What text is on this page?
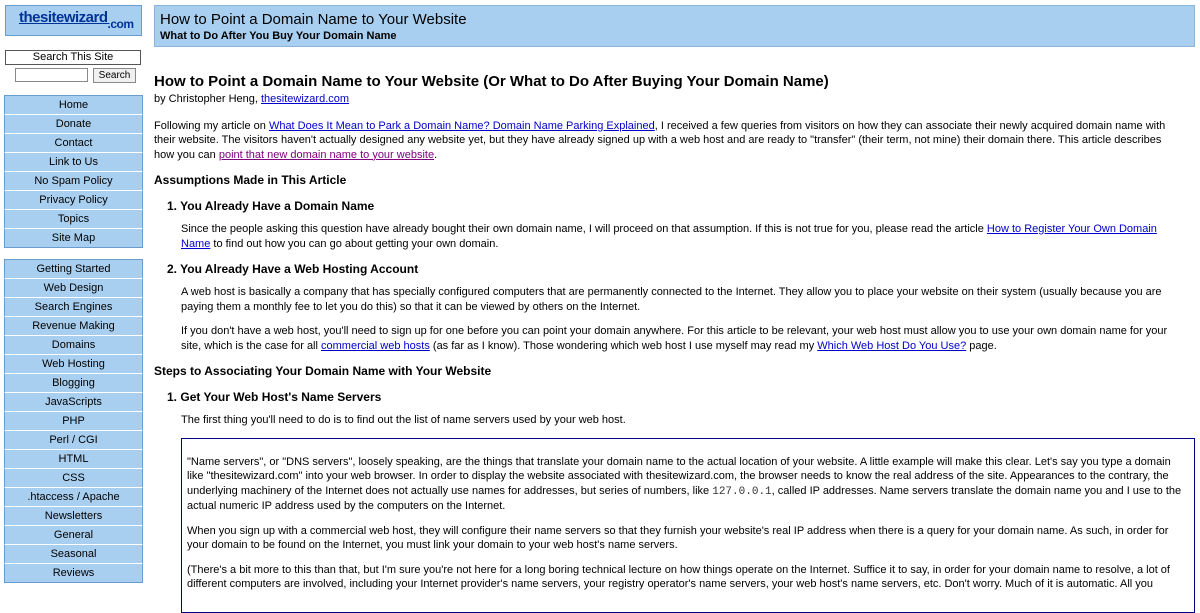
thesitewizard$_{.com}$
Search This Site
Search
Home
Donate
Contact
Link to Us
No Spam Policy
Privacy Policy
Topics
Site Map
Getting Started
Web Design
Search Engines
Revenue Making
Domains
Web Hosting
Blogging
JavaScripts
PHP
Perl / CGI
HTML
CSS
.htaccess / Apache
Newsletters
General
Seasonal
Reviews
How to Point a Domain Name to Your Website
What to Do After You Buy Your Domain Name
How to Point a Domain Name to Your Website (Or What to Do After Buying Your Domain Name)
by Christopher Heng, thesitewizard.com

Following my article on What Does It Mean to Park a Domain Name? Domain Name Parking Explained, I received a few queries from visitors on how they can associate their newly acquired domain name with their website. The visitors haven't actually designed any website yet, but they have already signed up with a web host and are ready to "transfer" (their term, not mine) their domain there. This article describes how you can point that new domain name to your website.

Assumptions Made in This Article
1. You Already Have a Domain Name

Since the people asking this question have already bought their own domain name, I will proceed on that assumption. If this is not true for you, please read the article How to Register Your Own Domain Name to find out how you can go about getting your own domain.

2. You Already Have a Web Hosting Account

A web host is basically a company that has specially configured computers that are permanently connected to the Internet. They allow you to place your website on their system (usually because you are paying them a monthly fee to let you do this) so that it can be viewed by others on the Internet.

If you don't have a web host, you'll need to sign up for one before you can point your domain anywhere. For this article to be relevant, your web host must allow you to use your own domain name for your site, which is the case for all commercial web hosts (as far as I know). Those wondering which web host I use myself may read my Which Web Host Do You Use? page.

Steps to Associating Your Domain Name with Your Website
1. Get Your Web Host's Name Servers

The first thing you'll need to do is to find out the list of name servers used by your web host.

"Name servers", or "DNS servers", loosely speaking, are the things that translate your domain name to the actual location of your website. A little example will make this clear. Let's say you type a domain like "thesitewizard.com" into your web browser. In order to display the website associated with thesitewizard.com, the browser needs to know the real address of the site. Appearances to the contrary, the underlying machinery of the Internet does not actually use names for addresses, but series of numbers, like 127.0.0.1, called IP addresses. Name servers translate the domain name you and I use to the actual numeric IP address used by the computers on the Internet.

When you sign up with a commercial web host, they will configure their name servers so that they furnish your website's real IP address when there is a query for your domain name. As such, in order for your domain to be found on the Internet, you must link your domain to your web host's name servers.

(There's a bit more to this than that, but I'm sure you're not here for a long boring technical lecture on how things operate on the Internet. Suffice it to say, in order for your domain name to resolve, a lot of different computers are involved, including your Internet provider's name servers, your registry operator's name servers, your web host's name servers, etc. Don't worry. Much of it is automatic. All you
